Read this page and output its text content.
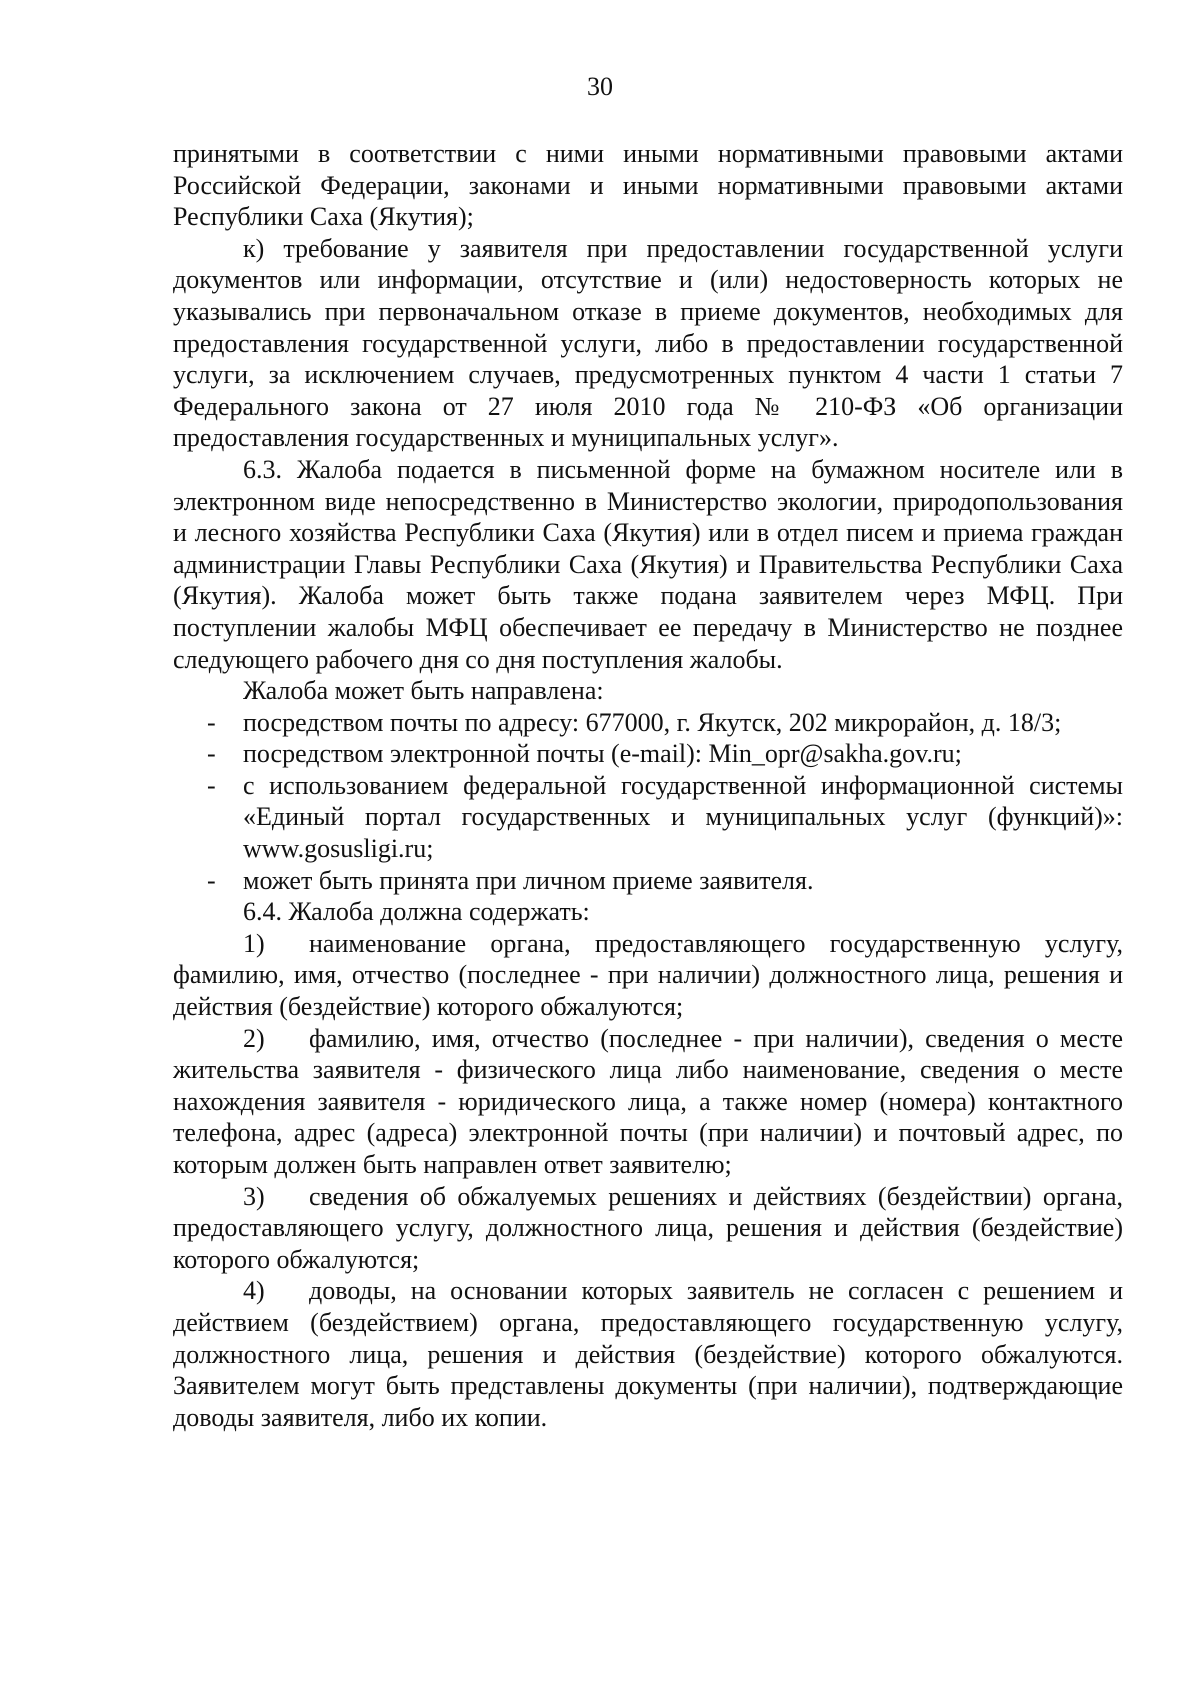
30

принятыми в соответствии с ними иными нормативными правовыми актами Российской Федерации, законами и иными нормативными правовыми актами Республики Саха (Якутия);

к) требование у заявителя при предоставлении государственной услуги документов или информации, отсутствие и (или) недостоверность которых не указывались при первоначальном отказе в приеме документов, необходимых для предоставления государственной услуги, либо в предоставлении государственной услуги, за исключением случаев, предусмотренных пунктом 4 части 1 статьи 7 Федерального закона от 27 июля 2010 года № 210-ФЗ «Об организации предоставления государственных и муниципальных услуг».

6.3. Жалоба подается в письменной форме на бумажном носителе или в электронном виде непосредственно в Министерство экологии, природопользования и лесного хозяйства Республики Саха (Якутия) или в отдел писем и приема граждан администрации Главы Республики Саха (Якутия) и Правительства Республики Саха (Якутия). Жалоба может быть также подана заявителем через МФЦ. При поступлении жалобы МФЦ обеспечивает ее передачу в Министерство не позднее следующего рабочего дня со дня поступления жалобы.

Жалоба может быть направлена:

-	посредством почты по адресу: 677000, г. Якутск, 202 микрорайон, д. 18/3;
-	посредством электронной почты (e-mail): Min_opr@sakha.gov.ru;
-	с использованием федеральной государственной информационной системы «Единый портал государственных и муниципальных услуг (функций)»: www.gosusligi.ru;
-	может быть принята при личном приеме заявителя.

6.4. Жалоба должна содержать:

1) наименование органа, предоставляющего государственную услугу, фамилию, имя, отчество (последнее - при наличии) должностного лица, решения и действия (бездействие) которого обжалуются;

2) фамилию, имя, отчество (последнее - при наличии), сведения о месте жительства заявителя - физического лица либо наименование, сведения о месте нахождения заявителя - юридического лица, а также номер (номера) контактного телефона, адрес (адреса) электронной почты (при наличии) и почтовый адрес, по которым должен быть направлен ответ заявителю;

3) сведения об обжалуемых решениях и действиях (бездействии) органа, предоставляющего услугу, должностного лица, решения и действия (бездействие) которого обжалуются;

4) доводы, на основании которых заявитель не согласен с решением и действием (бездействием) органа, предоставляющего государственную услугу, должностного лица, решения и действия (бездействие) которого обжалуются. Заявителем могут быть представлены документы (при наличии), подтверждающие доводы заявителя, либо их копии.
